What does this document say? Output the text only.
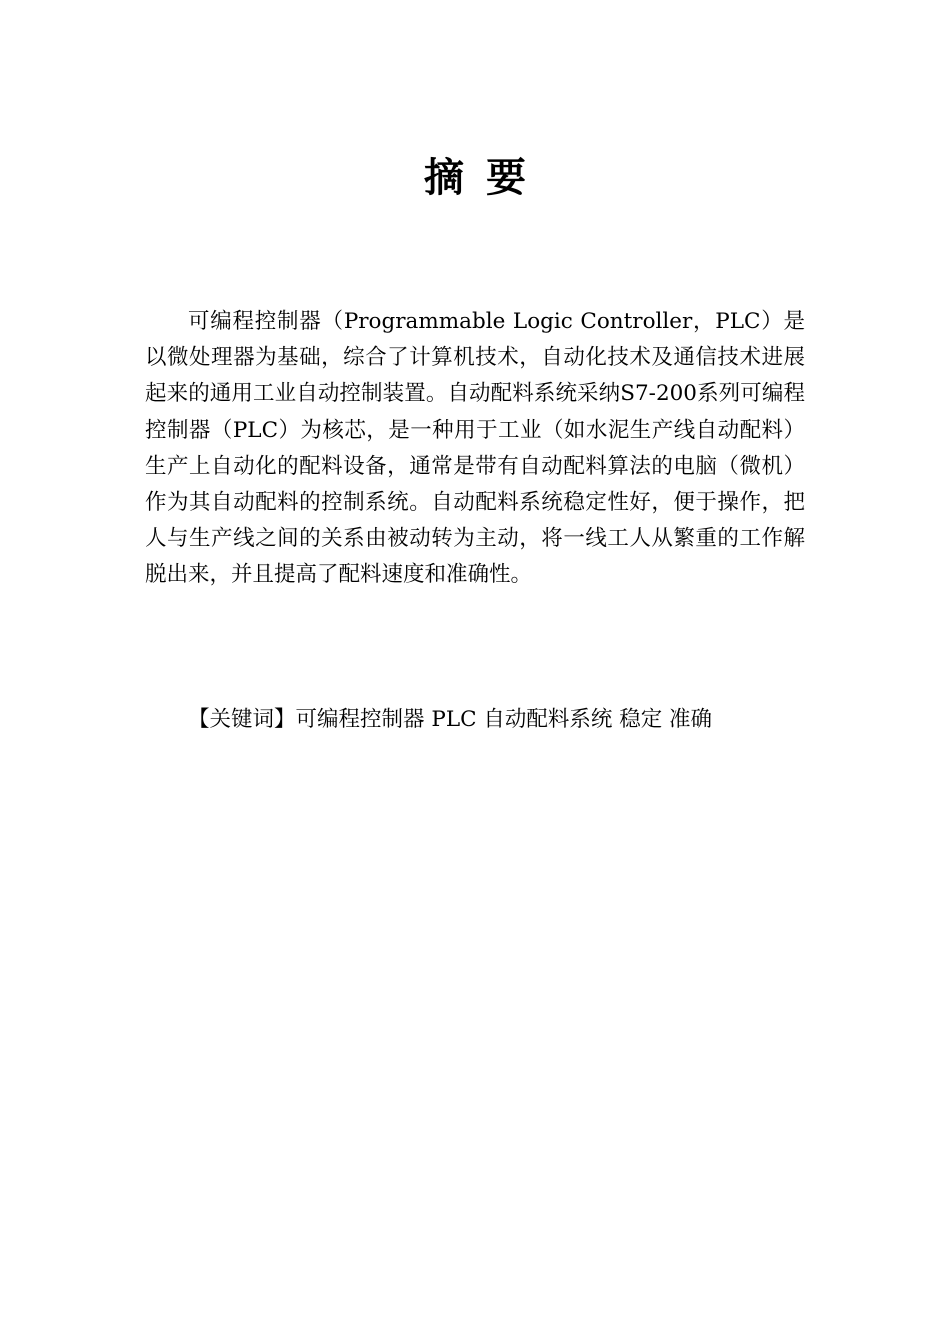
摘要

可编程控制器（Programmable Logic Controller，PLC）是以微处理器为基础，综合了计算机技术，自动化技术及通信技术进展起来的通用工业自动控制装置。自动配料系统采纳S7-200系列可编程控制器（PLC）为核芯，是一种用于工业（如水泥生产线自动配料）生产上自动化的配料设备，通常是带有自动配料算法的电脑（微机）作为其自动配料的控制系统。自动配料系统稳定性好，便于操作，把人与生产线之间的关系由被动转为主动，将一线工人从繁重的工作解脱出来，并且提高了配料速度和准确性。

【关键词】可编程控制器 PLC 自动配料系统 稳定 准确
